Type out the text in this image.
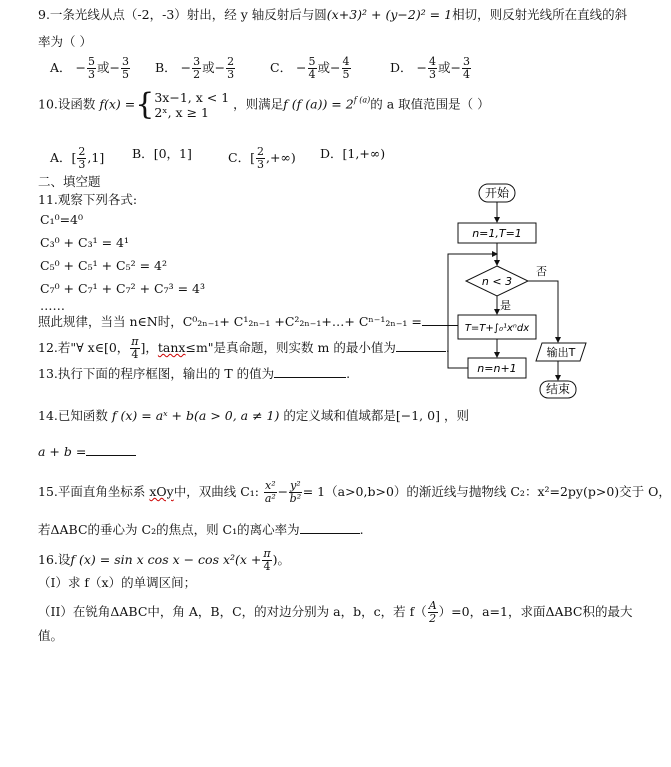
9.一条光线从点（-2，-3）射出，经 y 轴反射后与圆(x+3)² + (y−2)² = 1相切，则反射光线所在直线的斜
率为（ ）
A． − $\frac{5}{3}$ 或− $\frac{3}{5}$ B． − $\frac{3}{2}$ 或− $\frac{2}{3}$	C． − $\frac{5}{4}$ 或− $\frac{4}{5}$	D． − $\frac{4}{3}$ 或− $\frac{3}{4}$
10.设函数 f(x) ={ 3x−1, x < 1
2ˣ, x ≥ 1
，则满足f (f $(a)) = 2^{f (a)}$的 a 取值范围是（ ）
A．[ $\frac{2}{3} ,1$] B．[0，1]	C．[ $\frac{2}{3}$ ,+∞) D．[1,+∞)
二、填空题
11.观察下列各式:
C₁⁰=4⁰
C₃⁰ + C₃¹ = 4¹
C₅⁰ + C₅¹ + C₅² = 4²
C₇⁰ + C₇¹ + C₇² + C₇³ = 4³
……
照此规律，当当 n∈N时，C⁰₂ₙ₋₁+ C¹₂ₙ₋₁ +C²₂ₙ₋₁+…+ Cⁿ⁻¹₂ₙ₋₁ =
12.若"∀ x∈[0， $\frac{\pi}{4}$ ]，tanx≤m"是真命题，则实数 m 的最小值为	.
13.执行下面的程序框图，输出的 T 的值为	.
14.已知函数 f (x) = aˣ + b(a > 0, a ≠ 1) 的定义域和值域都是[−1, 0] ，则
a + b =
15.平面直角坐标系 xOy中，双曲线 C₁: $\frac{\text{x²}}{\text{a²}} - \frac{\text{y²}}{\text{b²}} = 1(a>0,b>0)$的渐近线与抛物线 C₂：x²=2py(p>0)交于 O，
若ΔABC的垂心为 C₂的焦点，则 C₁的离心率为	.
16.设f (x) = sin x $\cos x - \cos x^2(x + \frac{\pi}{4}$ )。
（I）求 f（x）的单调区间；
（II）在锐角ΔABC中，角 A，B，C，的对边分别为 a，b，c，若 $f( \frac{A}{2} )=0$，a=1，求面ΔABC积的最大
值。
开始
n=1,T=1
n < 3
否
是
T=T+∫₀¹xⁿdx
n=n+1
输出T
结束
